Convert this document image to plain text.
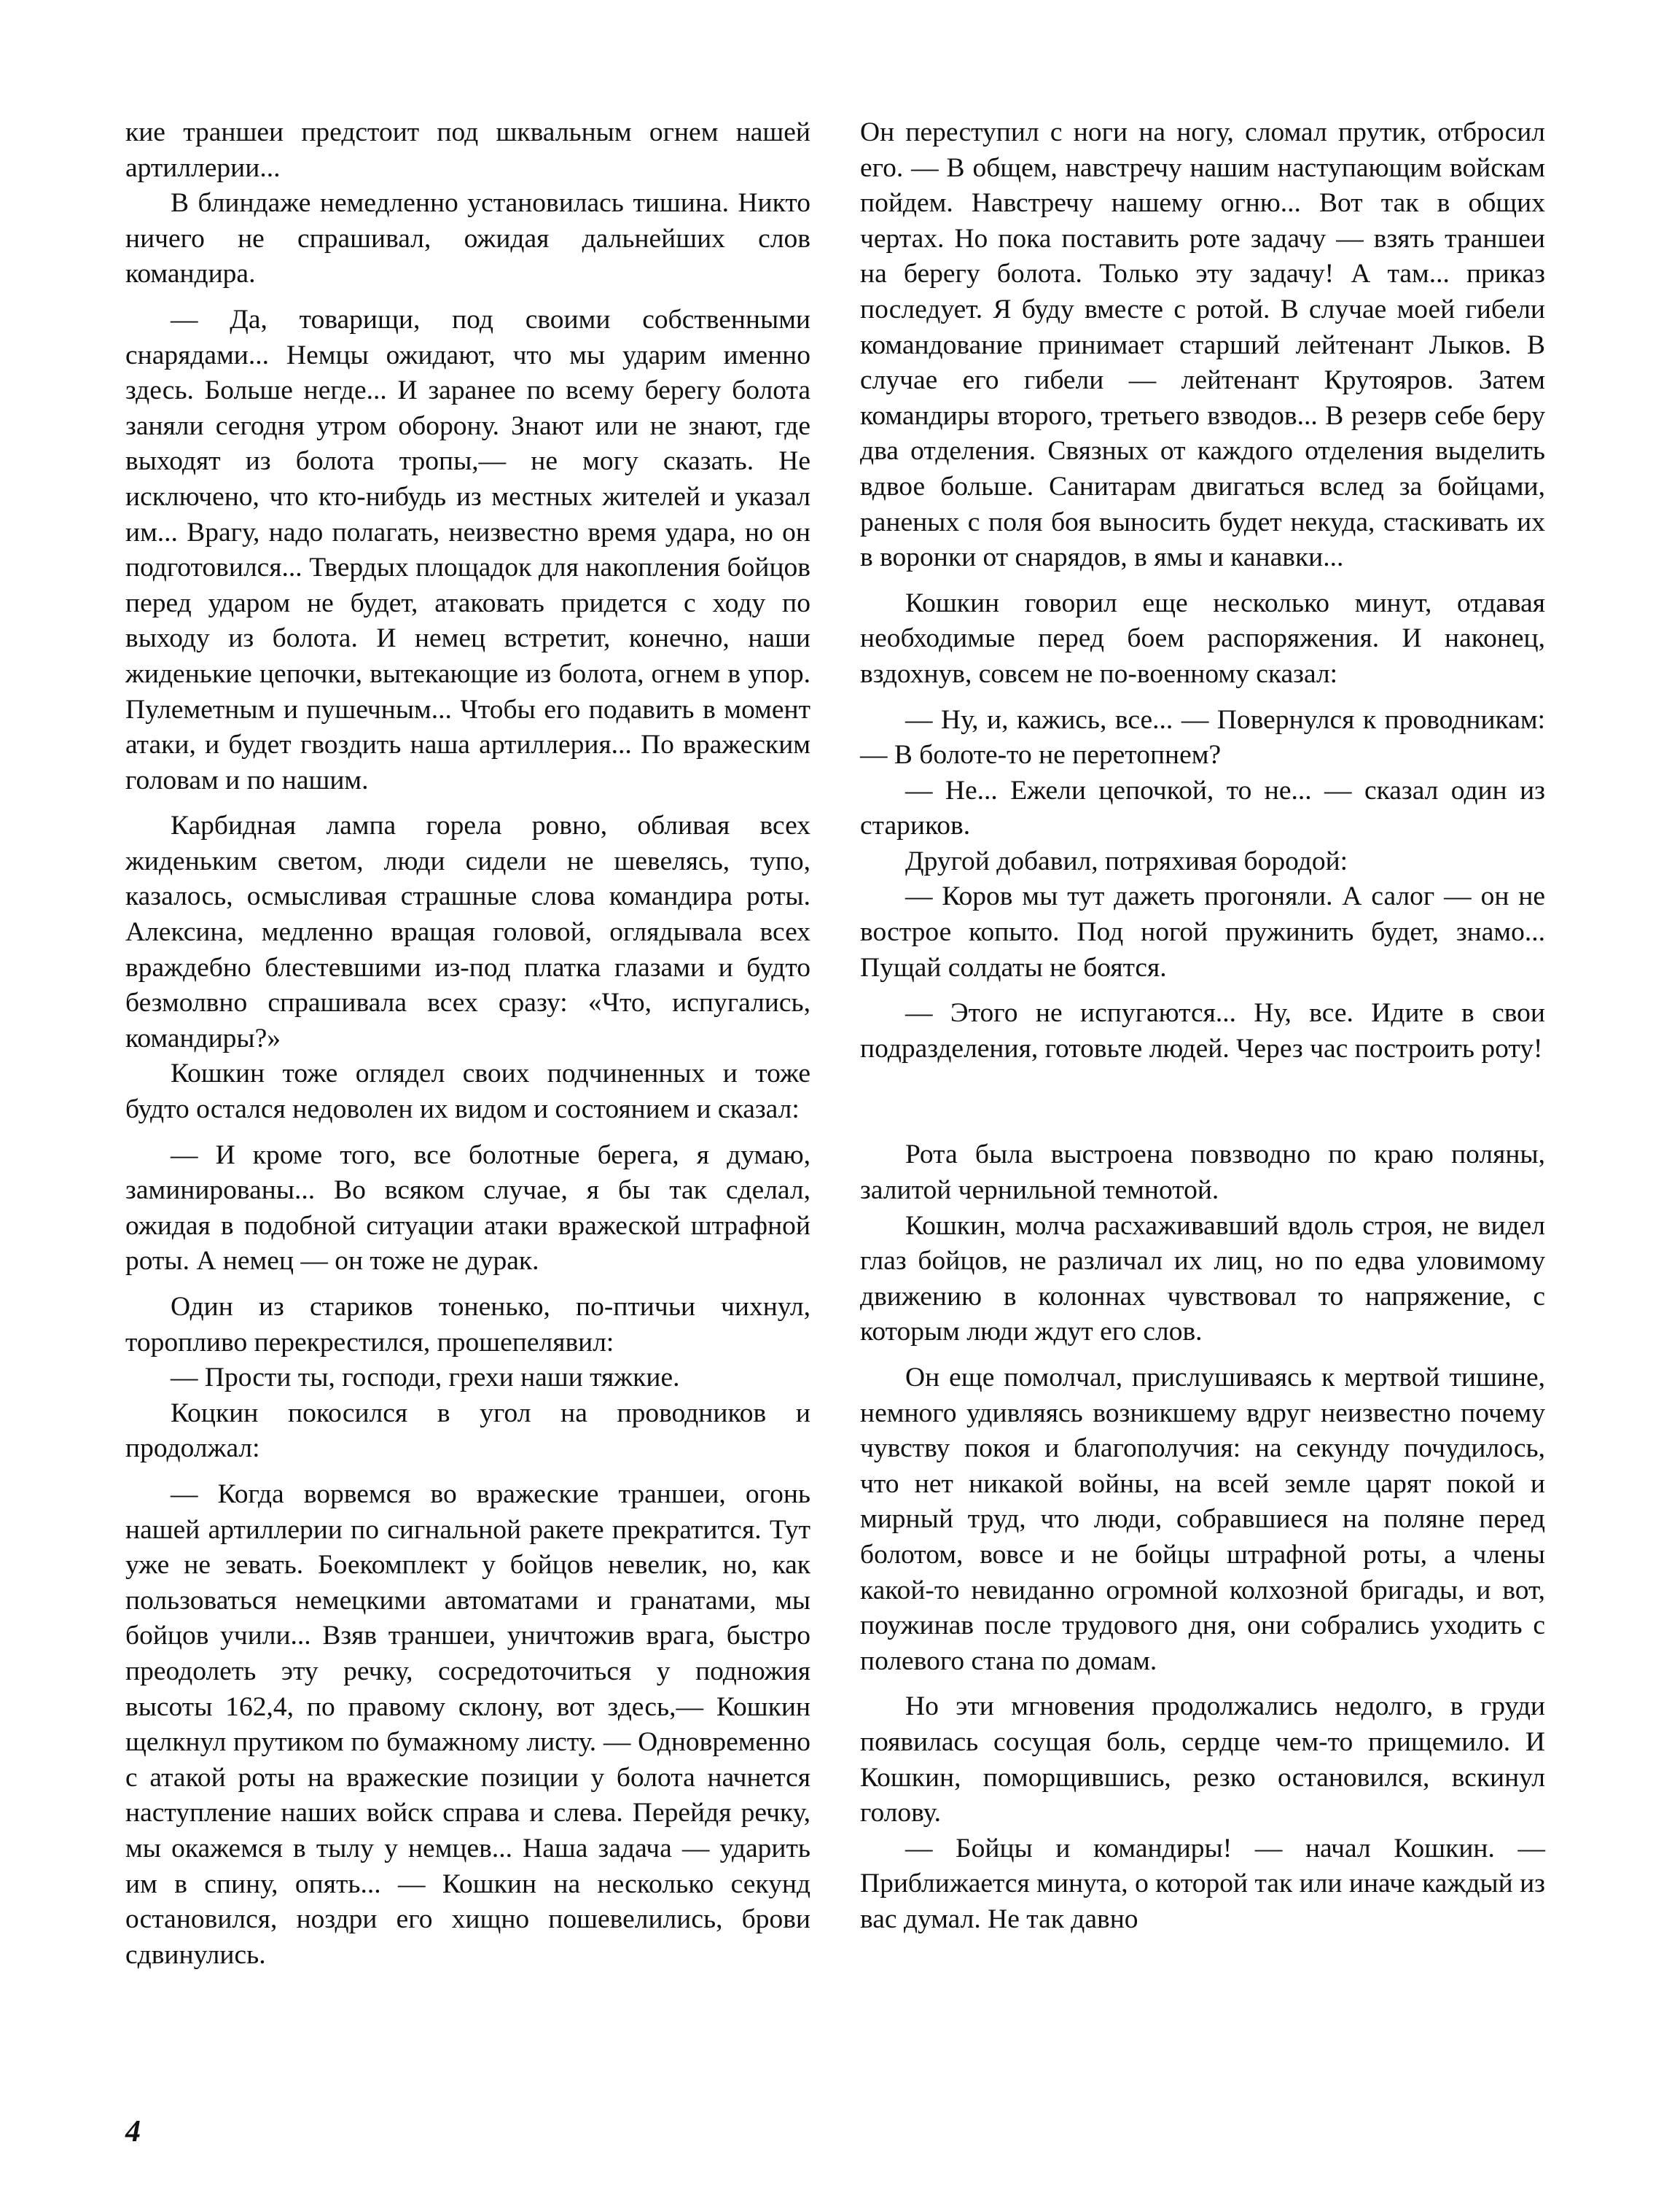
кие траншеи предстоит под шквальным огнем нашей артиллерии...

В блиндаже немедленно установилась тишина. Никто ничего не спрашивал, ожидая дальнейших слов командира.

— Да, товарищи, под своими собственными снарядами... Немцы ожидают, что мы ударим именно здесь. Больше негде... И заранее по всему берегу болота заняли сегодня утром оборону. Знают или не знают, где выходят из болота тропы,— не могу сказать. Не исключено, что кто-нибудь из местных жителей и указал им... Врагу, надо полагать, неизвестно время удара, но он подготовился... Твердых площадок для накопления бойцов перед ударом не будет, атаковать придется с ходу по выходу из болота. И немец встретит, конечно, наши жиденькие цепочки, вытекающие из болота, огнем в упор. Пулеметным и пушечным... Чтобы его подавить в момент атаки, и будет гвоздить наша артиллерия... По вражеским головам и по нашим.

Карбидная лампа горела ровно, обливая всех жиденьким светом, люди сидели не шевелясь, тупо, казалось, осмысливая страшные слова командира роты. Алексина, медленно вращая головой, оглядывала всех враждебно блестевшими из-под платка глазами и будто безмолвно спрашивала всех сразу: «Что, испугались, командиры?»

Кошкин тоже оглядел своих подчиненных и тоже будто остался недоволен их видом и состоянием и сказал:

— И кроме того, все болотные берега, я думаю, заминированы... Во всяком случае, я бы так сделал, ожидая в подобной ситуации атаки вражеской штрафной роты. А немец — он тоже не дурак.

Один из стариков тоненько, по-птичьи чихнул, торопливо перекрестился, прошепелявил:

— Прости ты, господи, грехи наши тяжкие.

Коцкин покосился в угол на проводников и продолжал:

— Когда ворвемся во вражеские траншеи, огонь нашей артиллерии по сигнальной ракете прекратится. Тут уже не зевать. Боекомплект у бойцов невелик, но, как пользоваться немецкими автоматами и гранатами, мы бойцов учили... Взяв траншеи, уничтожив врага, быстро преодолеть эту речку, сосредоточиться у подножия высоты 162,4, по правому склону, вот здесь,— Кошкин щелкнул прутиком по бумажному листу. — Одновременно с атакой роты на вражеские позиции у болота начнется наступление наших войск справа и слева. Перейдя речку, мы окажемся в тылу у немцев... Наша задача — ударить им в спину, опять... — Кошкин на несколько секунд остановился, ноздри его хищно пошевелились, брови сдвинулись.

Он переступил с ноги на ногу, сломал прутик, отбросил его. — В общем, навстречу нашим наступающим войскам пойдем. Навстречу нашему огню... Вот так в общих чертах. Но пока поставить роте задачу — взять траншеи на берегу болота. Только эту задачу! А там... приказ последует. Я буду вместе с ротой. В случае моей гибели командование принимает старший лейтенант Лыков. В случае его гибели — лейтенант Крутояров. Затем командиры второго, третьего взводов... В резерв себе беру два отделения. Связных от каждого отделения выделить вдвое больше. Санитарам двигаться вслед за бойцами, раненых с поля боя выносить будет некуда, стаскивать их в воронки от снарядов, в ямы и канавки...

Кошкин говорил еще несколько минут, отдавая необходимые перед боем распоряжения. И наконец, вздохнув, совсем не по-военному сказал:

— Ну, и, кажись, все... — Повернулся к проводникам: — В болоте-то не перетопнем?

— Не... Ежели цепочкой, то не... — сказал один из стариков.

Другой добавил, потряхивая бородой:

— Коров мы тут дажеть прогоняли. А салог — он не вострое копыто. Под ногой пружинить будет, знамо... Пущай солдаты не боятся.

— Этого не испугаются... Ну, все. Идите в свои подразделения, готовьте людей. Через час построить роту!

Рота была выстроена повзводно по краю поляны, залитой чернильной темнотой.

Кошкин, молча расхаживавший вдоль строя, не видел глаз бойцов, не различал их лиц, но по едва уловимому движению в колоннах чувствовал то напряжение, с которым люди ждут его слов.

Он еще помолчал, прислушиваясь к мертвой тишине, немного удивляясь возникшему вдруг неизвестно почему чувству покоя и благополучия: на секунду почудилось, что нет никакой войны, на всей земле царят покой и мирный труд, что люди, собравшиеся на поляне перед болотом, вовсе и не бойцы штрафной роты, а члены какой-то невиданно огромной колхозной бригады, и вот, поужинав после трудового дня, они собрались уходить с полевого стана по домам.

Но эти мгновения продолжались недолго, в груди появилась сосущая боль, сердце чем-то прищемило. И Кошкин, поморщившись, резко остановился, вскинул голову.

— Бойцы и командиры! — начал Кошкин. — Приближается минута, о которой так или иначе каждый из вас думал. Не так давно

4
